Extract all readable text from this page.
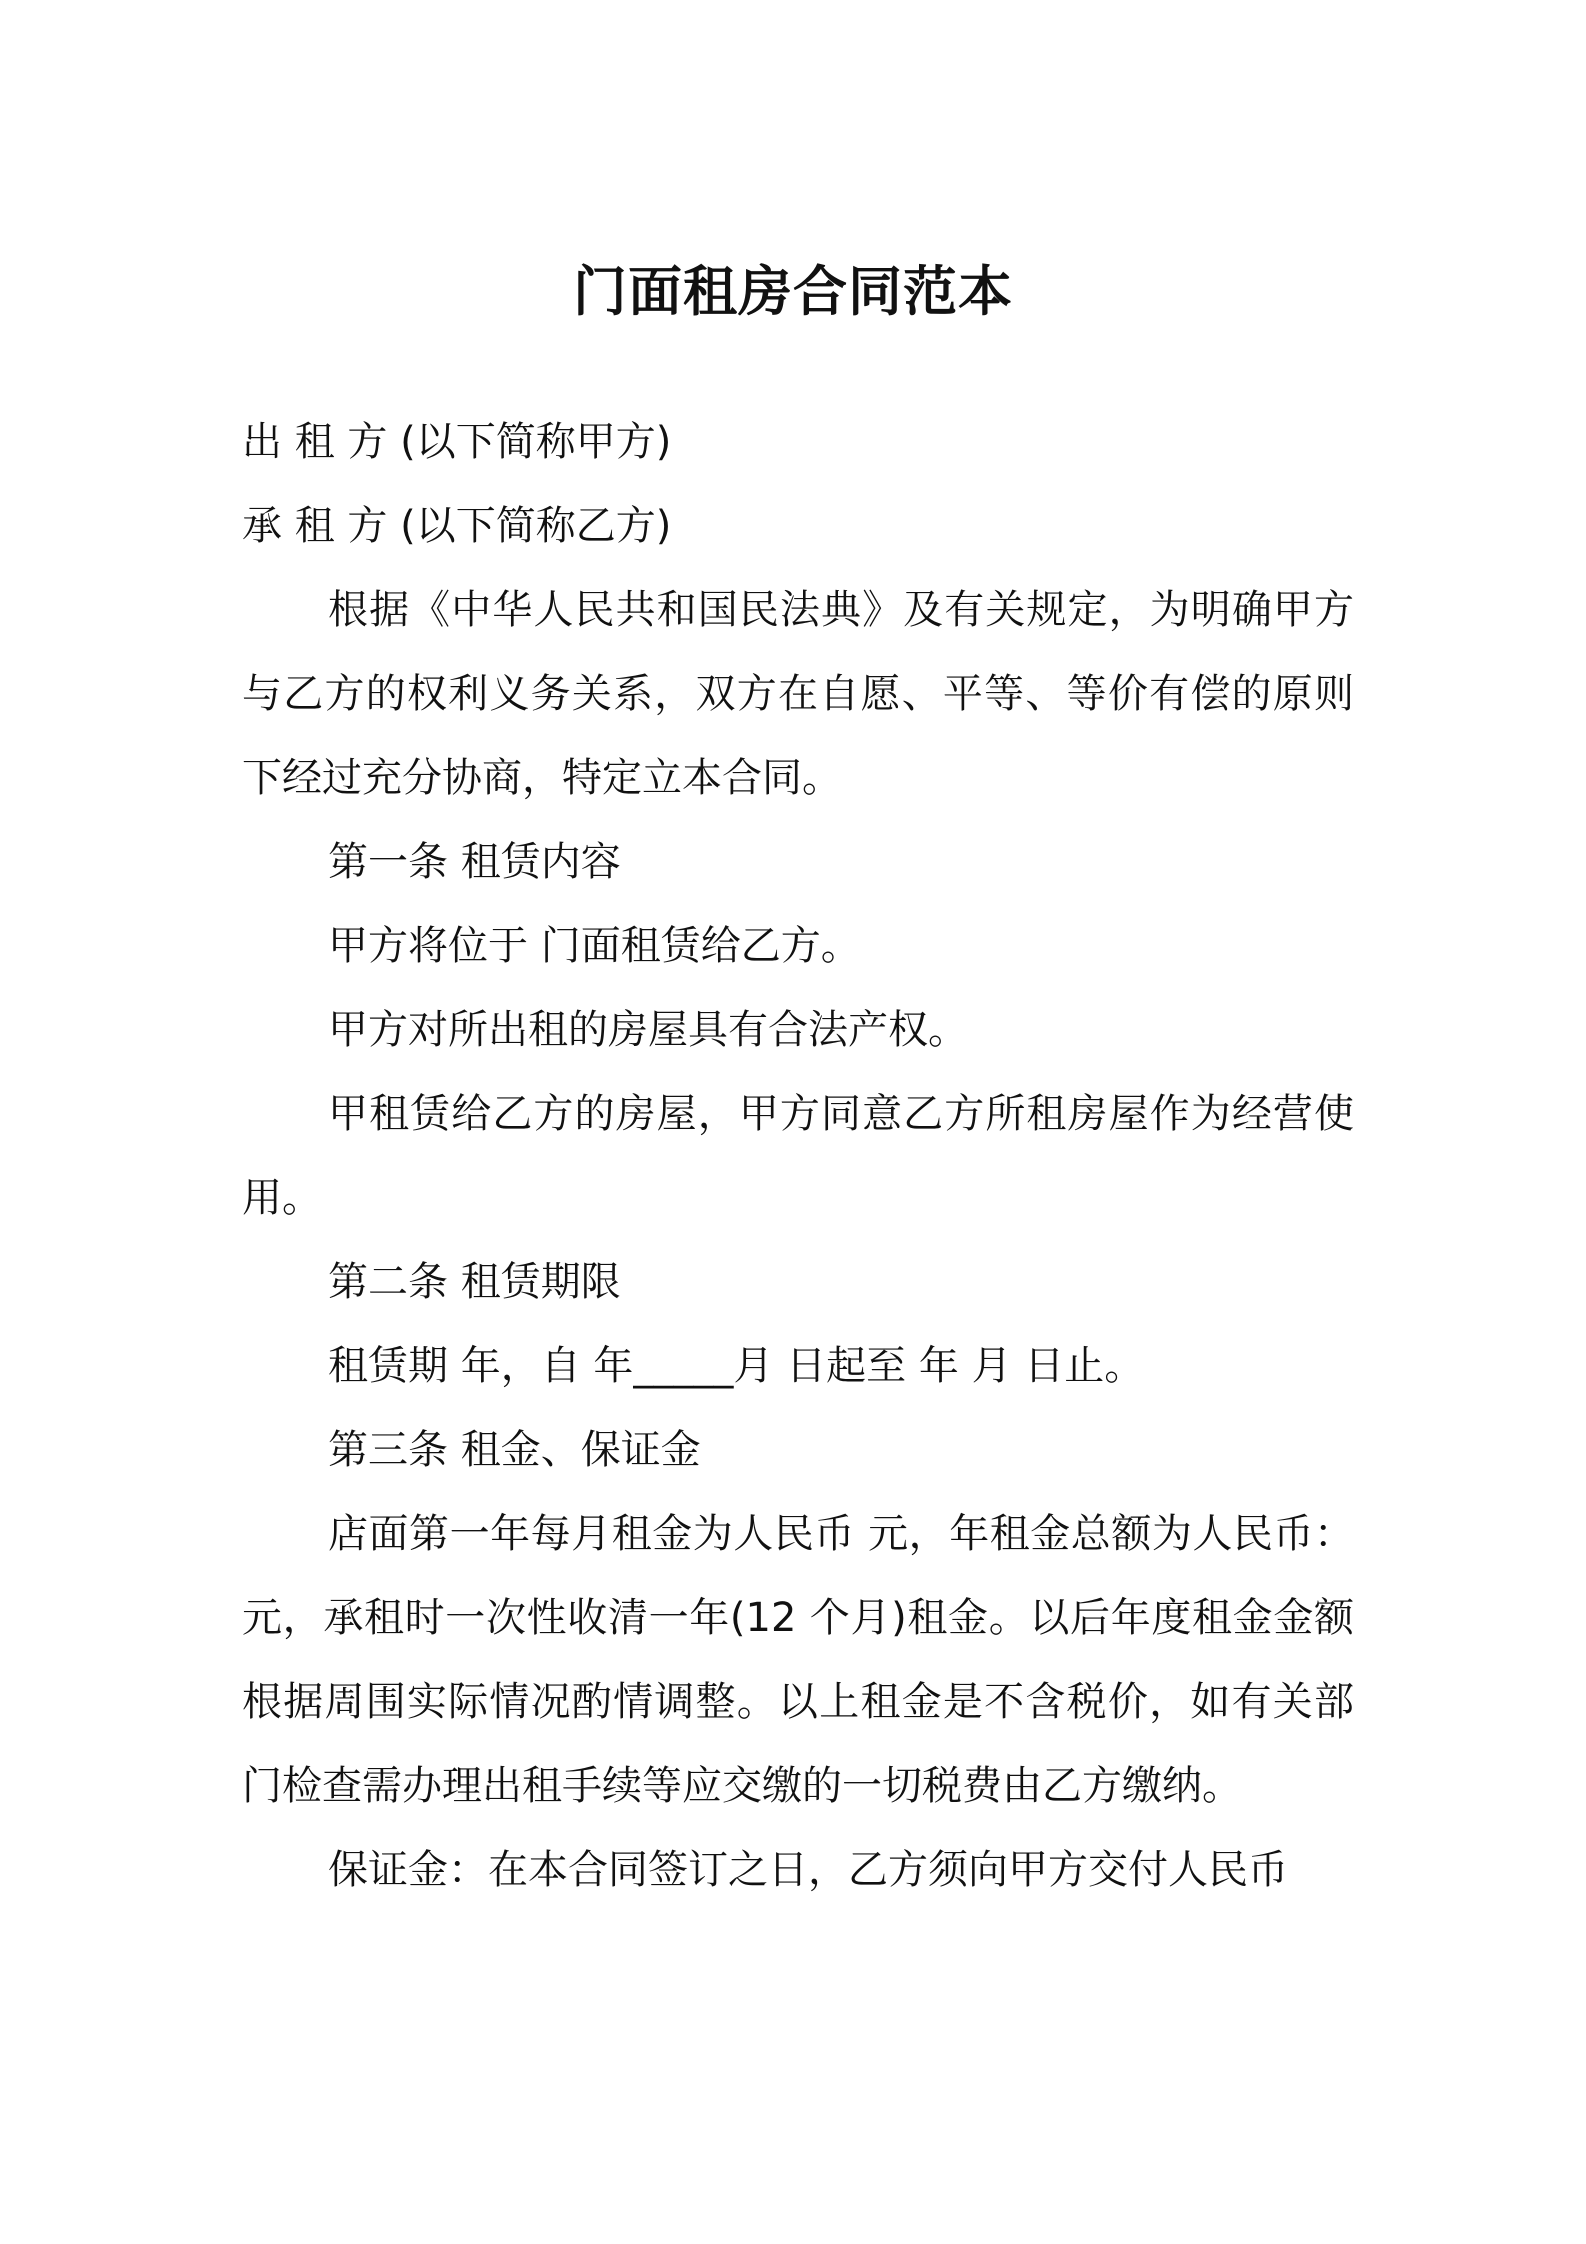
门面租房合同范本

出 租 方 (以下简称甲方)

承 租 方 (以下简称乙方)

根据《中华人民共和国民法典》及有关规定，为明确甲方与乙方的权利义务关系，双方在自愿、平等、等价有偿的原则下经过充分协商，特定立本合同。

第一条 租赁内容

甲方将位于 门面租赁给乙方。

甲方对所出租的房屋具有合法产权。

甲租赁给乙方的房屋，甲方同意乙方所租房屋作为经营使用。

第二条 租赁期限

租赁期 年，自 年_____月 日起至 年 月 日止。

第三条 租金、保证金

店面第一年每月租金为人民币 元，年租金总额为人民币： 元，承租时一次性收清一年(12 个月)租金。以后年度租金金额根据周围实际情况酌情调整。以上租金是不含税价，如有关部门检查需办理出租手续等应交缴的一切税费由乙方缴纳。

保证金：在本合同签订之日，乙方须向甲方交付人民币
